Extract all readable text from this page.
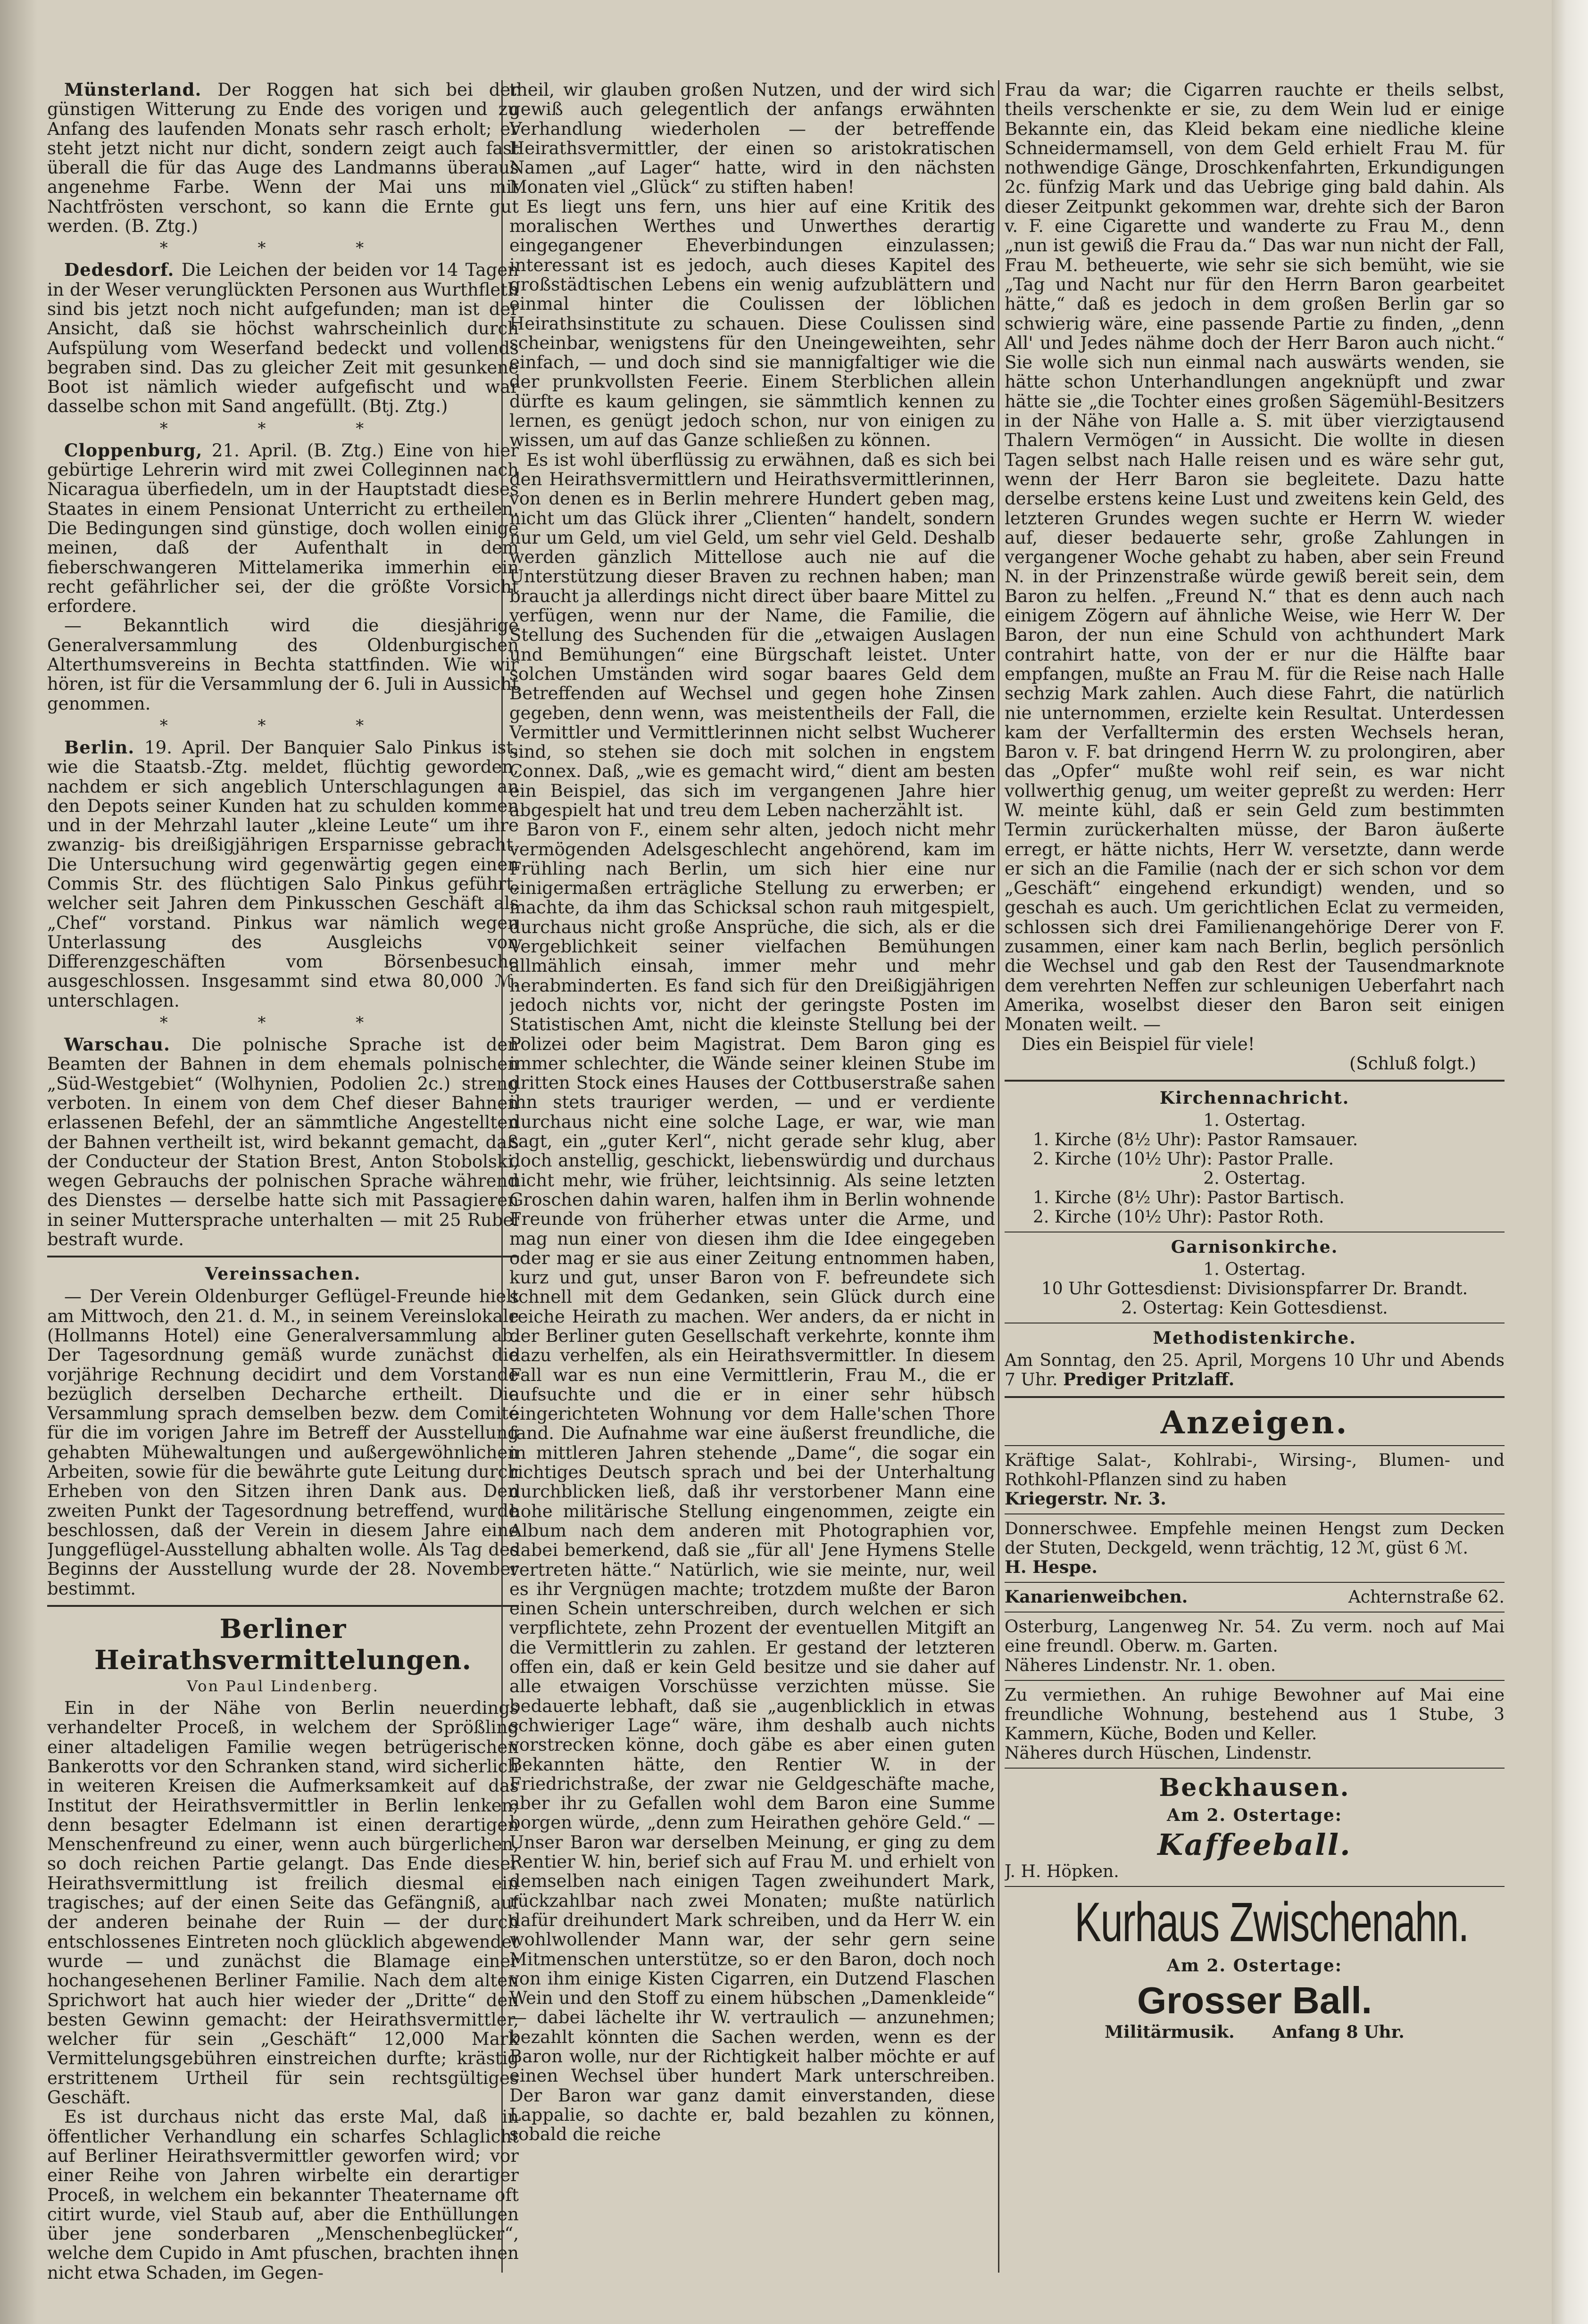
Münsterland. Der Roggen hat sich bei der günstigen Witterung zu Ende des vorigen und zu Anfang des laufenden Monats sehr rasch erholt; er steht jetzt nicht nur dicht, sondern zeigt auch fast überall die für das Auge des Landmanns überaus angenehme Farbe. Wenn der Mai uns mit Nachtfrösten verschont, so kann die Ernte gut werden. (B. Ztg.)

* * *

Dedesdorf. Die Leichen der beiden vor 14 Tagen in der Weser verunglückten Personen aus Wurthfleth sind bis jetzt noch nicht aufgefunden; man ist der Ansicht, daß sie höchst wahrscheinlich durch Aufspülung vom Weserfand bedeckt und vollends begraben sind. Das zu gleicher Zeit mit gesunkene Boot ist nämlich wieder aufgefischt und war dasselbe schon mit Sand angefüllt. (Btj. Ztg.)

* * *

Cloppenburg, 21. April. (B. Ztg.) Eine von hier gebürtige Lehrerin wird mit zwei Colleginnen nach Nicaragua überfiedeln, um in der Hauptstadt dieses Staates in einem Pensionat Unterricht zu ertheilen. Die Bedingungen sind günstige, doch wollen einige meinen, daß der Aufenthalt in dem fieberschwangeren Mittelamerika immerhin ein recht gefährlicher sei, der die größte Vorsicht erfordere.

— Bekanntlich wird die diesjährige Generalversammlung des Oldenburgischen Alterthumsvereins in Bechta stattfinden. Wie wir hören, ist für die Versammlung der 6. Juli in Aussicht genommen.

* * *

Berlin. 19. April. Der Banquier Salo Pinkus ist, wie die Staatsb.-Ztg. meldet, flüchtig geworden, nachdem er sich angeblich Unterschlagungen an den Depots seiner Kunden hat zu schulden kommen und in der Mehrzahl lauter „kleine Leute“ um ihre zwanzig- bis dreißigjährigen Ersparnisse gebracht. Die Untersuchung wird gegenwärtig gegen einen Commis Str. des flüchtigen Salo Pinkus geführt, welcher seit Jahren dem Pinkusschen Geschäft als „Chef“ vorstand. Pinkus war nämlich wegen Unterlassung des Ausgleichs von Differenzgeschäften vom Börsenbesuche ausgeschlossen. Insgesammt sind etwa 80,000 ℳ. unterschlagen.

* * *

Warschau. Die polnische Sprache ist den Beamten der Bahnen in dem ehemals polnischen „Süd-Westgebiet“ (Wolhynien, Podolien 2c.) streng verboten. In einem von dem Chef dieser Bahnen erlassenen Befehl, der an sämmtliche Angestellten der Bahnen vertheilt ist, wird bekannt gemacht, daß der Conducteur der Station Brest, Anton Stobolski, wegen Gebrauchs der polnischen Sprache während des Dienstes — derselbe hatte sich mit Passagieren in seiner Muttersprache unterhalten — mit 25 Rubel bestraft wurde.

Vereinssachen.

— Der Verein Oldenburger Geflügel-Freunde hielt am Mittwoch, den 21. d. M., in seinem Vereinslokale (Hollmanns Hotel) eine Generalversammlung ab. Der Tagesordnung gemäß wurde zunächst die vorjährige Rechnung decidirt und dem Vorstande bezüglich derselben Decharche ertheilt. Die Versammlung sprach demselben bezw. dem Comité für die im vorigen Jahre im Betreff der Ausstellung gehabten Mühewaltungen und außergewöhnlichen Arbeiten, sowie für die bewährte gute Leitung durch Erheben von den Sitzen ihren Dank aus. Den zweiten Punkt der Tagesordnung betreffend, wurde beschlossen, daß der Verein in diesem Jahre eine Junggeflügel-Ausstellung abhalten wolle. Als Tag des Beginns der Ausstellung wurde der 28. November bestimmt.

Berliner Heirathsvermittelungen.
Von Paul Lindenberg.

Ein in der Nähe von Berlin neuerdings verhandelter Proceß, in welchem der Sprößling einer altadeligen Familie wegen betrügerischen Bankerotts vor den Schranken stand, wird sicherlich in weiteren Kreisen die Aufmerksamkeit auf das Institut der Heirathsvermittler in Berlin lenken; denn besagter Edelmann ist einen derartigen Menschenfreund zu einer, wenn auch bürgerlichen, so doch reichen Partie gelangt. Das Ende dieser Heirathsvermittlung ist freilich diesmal ein tragisches; auf der einen Seite das Gefängniß, auf der anderen beinahe der Ruin — der durch entschlossenes Eintreten noch glücklich abgewendet wurde — und zunächst die Blamage einer hochangesehenen Berliner Familie. Nach dem alten Sprichwort hat auch hier wieder der „Dritte“ den besten Gewinn gemacht: der Heirathsvermittler, welcher für sein „Geschäft“ 12,000 Mark Vermittelungsgebühren einstreichen durfte; krästig erstrittenem Urtheil für sein rechtsgültiges Geschäft.

Es ist durchaus nicht das erste Mal, daß in öffentlicher Verhandlung ein scharfes Schlaglicht auf Berliner Heirathsvermittler geworfen wird; vor einer Reihe von Jahren wirbelte ein derartiger Proceß, in welchem ein bekannter Theatername oft citirt wurde, viel Staub auf, aber die Enthüllungen über jene sonderbaren „Menschenbeglücker“, welche dem Cupido in Amt pfuschen, brachten ihnen nicht etwa Schaden, im Gegen-

theil, wir glauben großen Nutzen, und der wird sich gewiß auch gelegentlich der anfangs erwähnten Verhandlung wiederholen — der betreffende Heirathsvermittler, der einen so aristokratischen Namen „auf Lager“ hatte, wird in den nächsten Monaten viel „Glück“ zu stiften haben!

Es liegt uns fern, uns hier auf eine Kritik des moralischen Werthes und Unwerthes derartig eingegangener Eheverbindungen einzulassen; interessant ist es jedoch, auch dieses Kapitel des großstädtischen Lebens ein wenig aufzublättern und einmal hinter die Coulissen der löblichen Heirathsinstitute zu schauen. Diese Coulissen sind scheinbar, wenigstens für den Uneingeweihten, sehr einfach, — und doch sind sie mannigfaltiger wie die der prunkvollsten Feerie. Einem Sterblichen allein dürfte es kaum gelingen, sie sämmtlich kennen zu lernen, es genügt jedoch schon, nur von einigen zu wissen, um auf das Ganze schließen zu können.

Es ist wohl überflüssig zu erwähnen, daß es sich bei den Heirathsvermittlern und Heirathsvermittlerinnen, von denen es in Berlin mehrere Hundert geben mag, nicht um das Glück ihrer „Clienten“ handelt, sondern nur um Geld, um viel Geld, um sehr viel Geld. Deshalb werden gänzlich Mittellose auch nie auf die Unterstützung dieser Braven zu rechnen haben; man braucht ja allerdings nicht direct über baare Mittel zu verfügen, wenn nur der Name, die Familie, die Stellung des Suchenden für die „etwaigen Auslagen und Bemühungen“ eine Bürgschaft leistet. Unter solchen Umständen wird sogar baares Geld dem Betreffenden auf Wechsel und gegen hohe Zinsen gegeben, denn wenn, was meistentheils der Fall, die Vermittler und Vermittlerinnen nicht selbst Wucherer sind, so stehen sie doch mit solchen in engstem Connex. Daß, „wie es gemacht wird,“ dient am besten ein Beispiel, das sich im vergangenen Jahre hier abgespielt hat und treu dem Leben nacherzählt ist.

Baron von F., einem sehr alten, jedoch nicht mehr vermögenden Adelsgeschlecht angehörend, kam im Frühling nach Berlin, um sich hier eine nur einigermaßen erträgliche Stellung zu erwerben; er machte, da ihm das Schicksal schon rauh mitgespielt, durchaus nicht große Ansprüche, die sich, als er die Vergeblichkeit seiner vielfachen Bemühungen allmählich einsah, immer mehr und mehr herabminderten. Es fand sich für den Dreißigjährigen jedoch nichts vor, nicht der geringste Posten im Statistischen Amt, nicht die kleinste Stellung bei der Polizei oder beim Magistrat. Dem Baron ging es immer schlechter, die Wände seiner kleinen Stube im dritten Stock eines Hauses der Cottbuserstraße sahen ihn stets trauriger werden, — und er verdiente durchaus nicht eine solche Lage, er war, wie man sagt, ein „guter Kerl“, nicht gerade sehr klug, aber doch anstellig, geschickt, liebenswürdig und durchaus nicht mehr, wie früher, leichtsinnig. Als seine letzten Groschen dahin waren, halfen ihm in Berlin wohnende Freunde von früherher etwas unter die Arme, und mag nun einer von diesen ihm die Idee eingegeben oder mag er sie aus einer Zeitung entnommen haben, kurz und gut, unser Baron von F. befreundete sich schnell mit dem Gedanken, sein Glück durch eine reiche Heirath zu machen. Wer anders, da er nicht in der Berliner guten Gesellschaft verkehrte, konnte ihm dazu verhelfen, als ein Heirathsvermittler. In diesem Fall war es nun eine Vermittlerin, Frau M., die er aufsuchte und die er in einer sehr hübsch eingerichteten Wohnung vor dem Halle'schen Thore fand. Die Aufnahme war eine äußerst freundliche, die in mittleren Jahren stehende „Dame“, die sogar ein richtiges Deutsch sprach und bei der Unterhaltung durchblicken ließ, daß ihr verstorbener Mann eine hohe militärische Stellung eingenommen, zeigte ein Album nach dem anderen mit Photographien vor, dabei bemerkend, daß sie „für all' Jene Hymens Stelle vertreten hätte.“ Natürlich, wie sie meinte, nur, weil es ihr Vergnügen machte; trotzdem mußte der Baron einen Schein unterschreiben, durch welchen er sich verpflichtete, zehn Prozent der eventuellen Mitgift an die Vermittlerin zu zahlen. Er gestand der letzteren offen ein, daß er kein Geld besitze und sie daher auf alle etwaigen Vorschüsse verzichten müsse. Sie bedauerte lebhaft, daß sie „augenblicklich in etwas schwieriger Lage“ wäre, ihm deshalb auch nichts vorstrecken könne, doch gäbe es aber einen guten Bekannten hätte, den Rentier W. in der Friedrichstraße, der zwar nie Geldgeschäfte mache, aber ihr zu Gefallen wohl dem Baron eine Summe borgen würde, „denn zum Heirathen gehöre Geld.“ — Unser Baron war derselben Meinung, er ging zu dem Rentier W. hin, berief sich auf Frau M. und erhielt von demselben nach einigen Tagen zweihundert Mark, rückzahlbar nach zwei Monaten; mußte natürlich dafür dreihundert Mark schreiben, und da Herr W. ein wohlwollender Mann war, der sehr gern seine Mitmenschen unterstütze, so er den Baron, doch noch von ihm einige Kisten Cigarren, ein Dutzend Flaschen Wein und den Stoff zu einem hübschen „Damenkleide“ — dabei lächelte ihr W. vertraulich — anzunehmen; bezahlt könnten die Sachen werden, wenn es der Baron wolle, nur der Richtigkeit halber möchte er auf einen Wechsel über hundert Mark unterschreiben. Der Baron war ganz damit einverstanden, diese Lappalie, so dachte er, bald bezahlen zu können, sobald die reiche

Frau da war; die Cigarren rauchte er theils selbst, theils verschenkte er sie, zu dem Wein lud er einige Bekannte ein, das Kleid bekam eine niedliche kleine Schneidermamsell, von dem Geld erhielt Frau M. für nothwendige Gänge, Droschkenfahrten, Erkundigungen 2c. fünfzig Mark und das Uebrige ging bald dahin. Als dieser Zeitpunkt gekommen war, drehte sich der Baron v. F. eine Cigarette und wanderte zu Frau M., denn „nun ist gewiß die Frau da.“ Das war nun nicht der Fall, Frau M. betheuerte, wie sehr sie sich bemüht, wie sie „Tag und Nacht nur für den Herrn Baron gearbeitet hätte,“ daß es jedoch in dem großen Berlin gar so schwierig wäre, eine passende Partie zu finden, „denn All' und Jedes nähme doch der Herr Baron auch nicht.“ Sie wolle sich nun einmal nach auswärts wenden, sie hätte schon Unterhandlungen angeknüpft und zwar hätte sie „die Tochter eines großen Sägemühl-Besitzers in der Nähe von Halle a. S. mit über vierzigtausend Thalern Vermögen“ in Aussicht. Die wollte in diesen Tagen selbst nach Halle reisen und es wäre sehr gut, wenn der Herr Baron sie begleitete. Dazu hatte derselbe erstens keine Lust und zweitens kein Geld, des letzteren Grundes wegen suchte er Herrn W. wieder auf, dieser bedauerte sehr, große Zahlungen in vergangener Woche gehabt zu haben, aber sein Freund N. in der Prinzenstraße würde gewiß bereit sein, dem Baron zu helfen. „Freund N.“ that es denn auch nach einigem Zögern auf ähnliche Weise, wie Herr W. Der Baron, der nun eine Schuld von achthundert Mark contrahirt hatte, von der er nur die Hälfte baar empfangen, mußte an Frau M. für die Reise nach Halle sechzig Mark zahlen. Auch diese Fahrt, die natürlich nie unternommen, erzielte kein Resultat. Unterdessen kam der Verfalltermin des ersten Wechsels heran, Baron v. F. bat dringend Herrn W. zu prolongiren, aber das „Opfer“ mußte wohl reif sein, es war nicht vollwerthig genug, um weiter gepreßt zu werden: Herr W. meinte kühl, daß er sein Geld zum bestimmten Termin zurückerhalten müsse, der Baron äußerte erregt, er hätte nichts, Herr W. versetzte, dann werde er sich an die Familie (nach der er sich schon vor dem „Geschäft“ eingehend erkundigt) wenden, und so geschah es auch. Um gerichtlichen Eclat zu vermeiden, schlossen sich drei Familienangehörige Derer von F. zusammen, einer kam nach Berlin, beglich persönlich die Wechsel und gab den Rest der Tausendmarknote dem verehrten Neffen zur schleunigen Ueberfahrt nach Amerika, woselbst dieser den Baron seit einigen Monaten weilt. —

Dies ein Beispiel für viele!

(Schluß folgt.)

Kirchennachricht.
1. Ostertag.
1. Kirche (8½ Uhr): Pastor Ramsauer.
2. Kirche (10½ Uhr): Pastor Pralle.
2. Ostertag.
1. Kirche (8½ Uhr): Pastor Bartisch.
2. Kirche (10½ Uhr): Pastor Roth.
Garnisonkirche.
1. Ostertag.
10 Uhr Gottesdienst: Divisionspfarrer Dr. Brandt.
2. Ostertag: Kein Gottesdienst.
Methodistenkirche.

Am Sonntag, den 25. April, Morgens 10 Uhr und Abends 7 Uhr. Prediger Pritzlaff.

Anzeigen.

Kräftige Salat-, Kohlrabi-, Wirsing-, Blumen- und Rothkohl-Pflanzen sind zu haben

Kriegerstr. Nr. 3.

Donnerschwee. Empfehle meinen Hengst zum Decken der Stuten, Deckgeld, wenn trächtig, 12 ℳ, güst 6 ℳ.

H. Hespe.

Kanarienweibchen.	Achternstraße 62.

Osterburg, Langenweg Nr. 54. Zu verm. noch auf Mai eine freundl. Oberw. m. Garten.

Näheres Lindenstr. Nr. 1. oben.

Zu vermiethen. An ruhige Bewohner auf Mai eine freundliche Wohnung, bestehend aus 1 Stube, 3 Kammern, Küche, Boden und Keller.

Näheres durch Hüschen, Lindenstr.

Beckhausen.
Am 2. Ostertage:
Kaffeeball.

J. H. Höpken.

Kurhaus Zwischenahn.
Am 2. Ostertage:
Grosser Ball.
Militärmusik. Anfang 8 Uhr.
